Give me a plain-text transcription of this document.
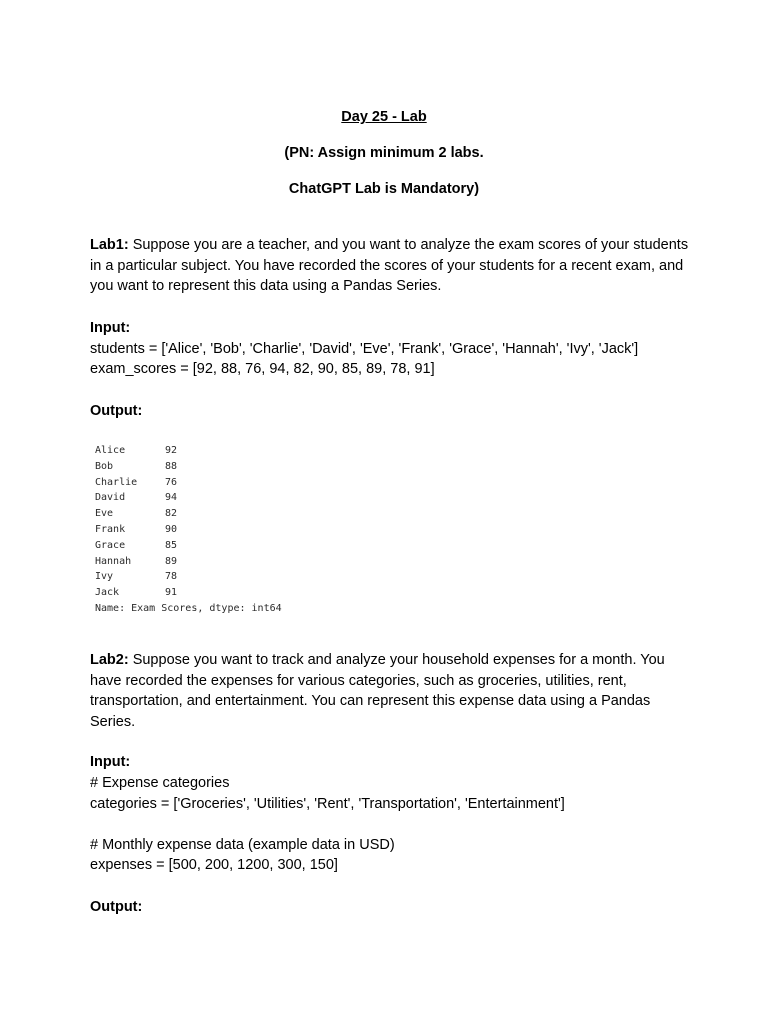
Day 25 - Lab
(PN: Assign minimum 2 labs.
ChatGPT Lab is Mandatory)

Lab1: Suppose you are a teacher, and you want to analyze the exam scores of your students in a particular subject. You have recorded the scores of your students for a recent exam, and you want to represent this data using a Pandas Series.

Input:
students = ['Alice', 'Bob', 'Charlie', 'David', 'Eve', 'Frank', 'Grace', 'Hannah', 'Ivy', 'Jack']
exam_scores = [92, 88, 76, 94, 82, 90, 85, 89, 78, 91]
Output:
Alice	92
Bob	88
Charlie	76
David	94
Eve	82
Frank	90
Grace	85
Hannah	89
Ivy	78
Jack	91
Name: Exam Scores, dtype: int64

Lab2: Suppose you want to track and analyze your household expenses for a month. You have recorded the expenses for various categories, such as groceries, utilities, rent, transportation, and entertainment. You can represent this expense data using a Pandas Series.

Input:
# Expense categories
categories = ['Groceries', 'Utilities', 'Rent', 'Transportation', 'Entertainment']
# Monthly expense data (example data in USD)
expenses = [500, 200, 1200, 300, 150]
Output:
